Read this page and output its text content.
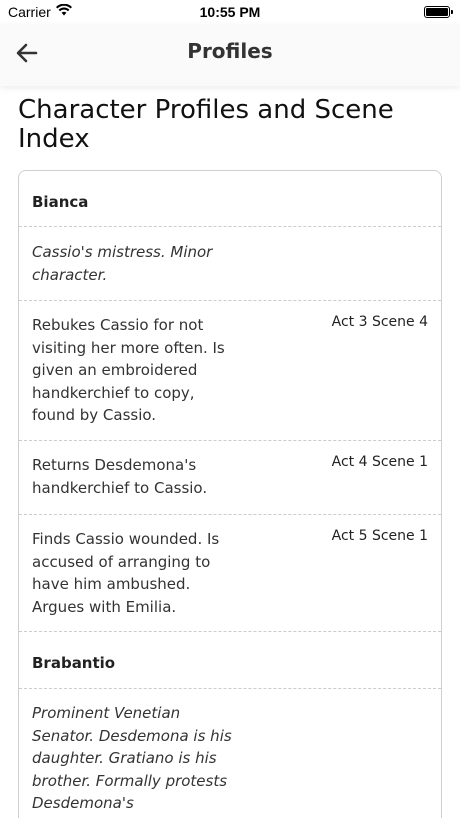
Carrier	10:55 PM
Profiles
Character Profiles and Scene Index
Bianca
Cassio's mistress. Minor character.
Rebukes Cassio for not visiting her more often. Is given an embroidered handkerchief to copy, found by Cassio.
Act 3 Scene 4
Returns Desdemona's handkerchief to Cassio.
Act 4 Scene 1
Finds Cassio wounded. Is accused of arranging to have him ambushed. Argues with Emilia.
Act 5 Scene 1
Brabantio
Prominent Venetian Senator. Desdemona is his daughter. Gratiano is his brother. Formally protests Desdemona's
